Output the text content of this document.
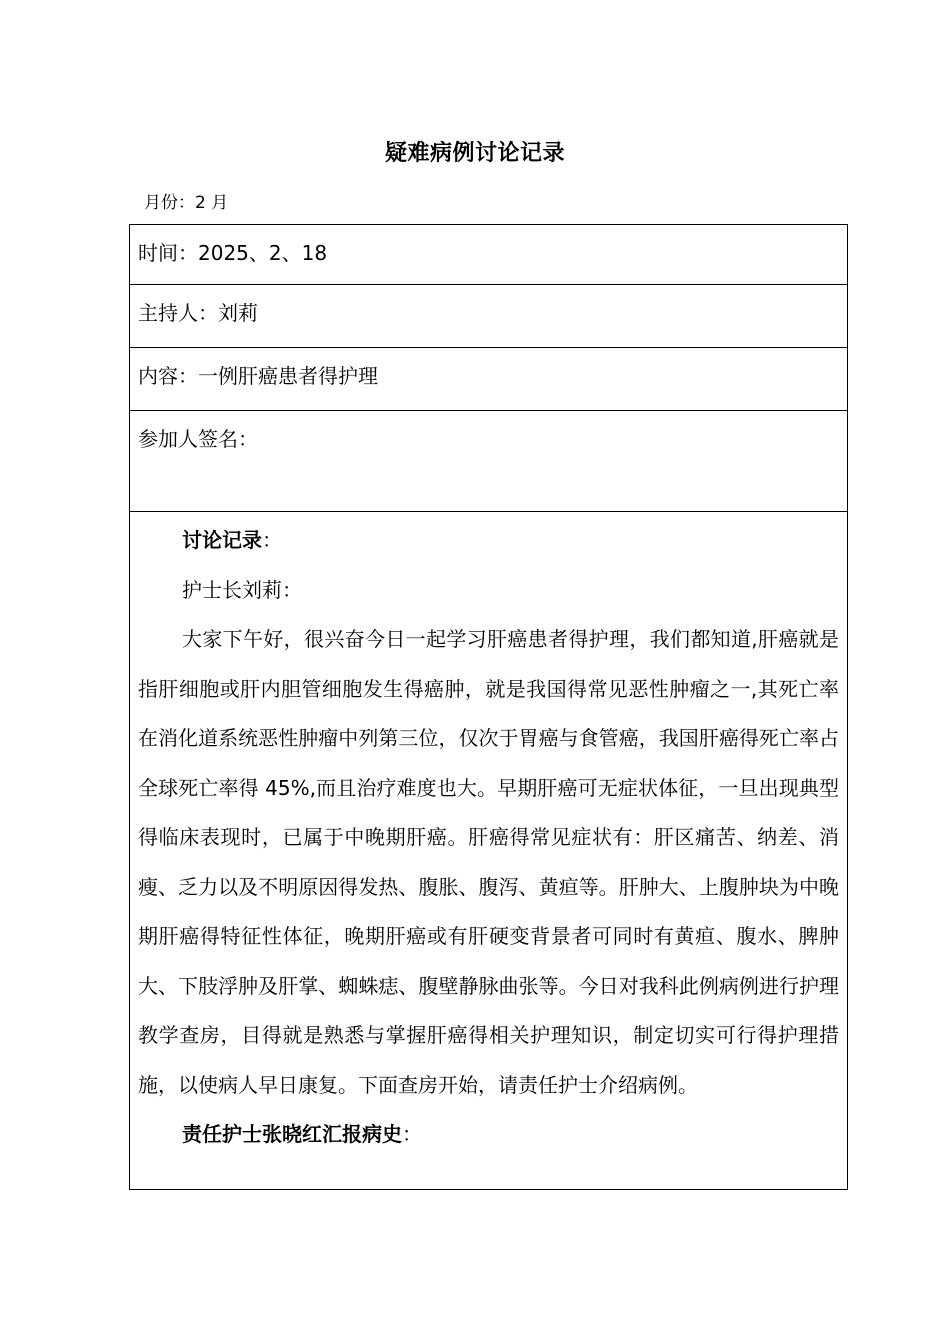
疑难病例讨论记录
月份：2 月
时间：2025、2、18
主持人：刘莉
内容：一例肝癌患者得护理
参加人签名：

讨论记录：
护士长刘莉：

大家下午好，很兴奋今日一起学习肝癌患者得护理，我们都知道,肝癌就是指肝细胞或肝内胆管细胞发生得癌肿，就是我国得常见恶性肿瘤之一,其死亡率在消化道系统恶性肿瘤中列第三位，仅次于胃癌与食管癌，我国肝癌得死亡率占全球死亡率得 45%,而且治疗难度也大。早期肝癌可无症状体征，一旦出现典型得临床表现时，已属于中晚期肝癌。肝癌得常见症状有：肝区痛苦、纳差、消瘦、乏力以及不明原因得发热、腹胀、腹泻、黄疸等。肝肿大、上腹肿块为中晚期肝癌得特征性体征，晚期肝癌或有肝硬变背景者可同时有黄疸、腹水、脾肿大、下肢浮肿及肝掌、蜘蛛痣、腹壁静脉曲张等。今日对我科此例病例进行护理教学查房，目得就是熟悉与掌握肝癌得相关护理知识，制定切实可行得护理措施，以使病人早日康复。下面查房开始，请责任护士介绍病例。

责任护士张晓红汇报病史：
